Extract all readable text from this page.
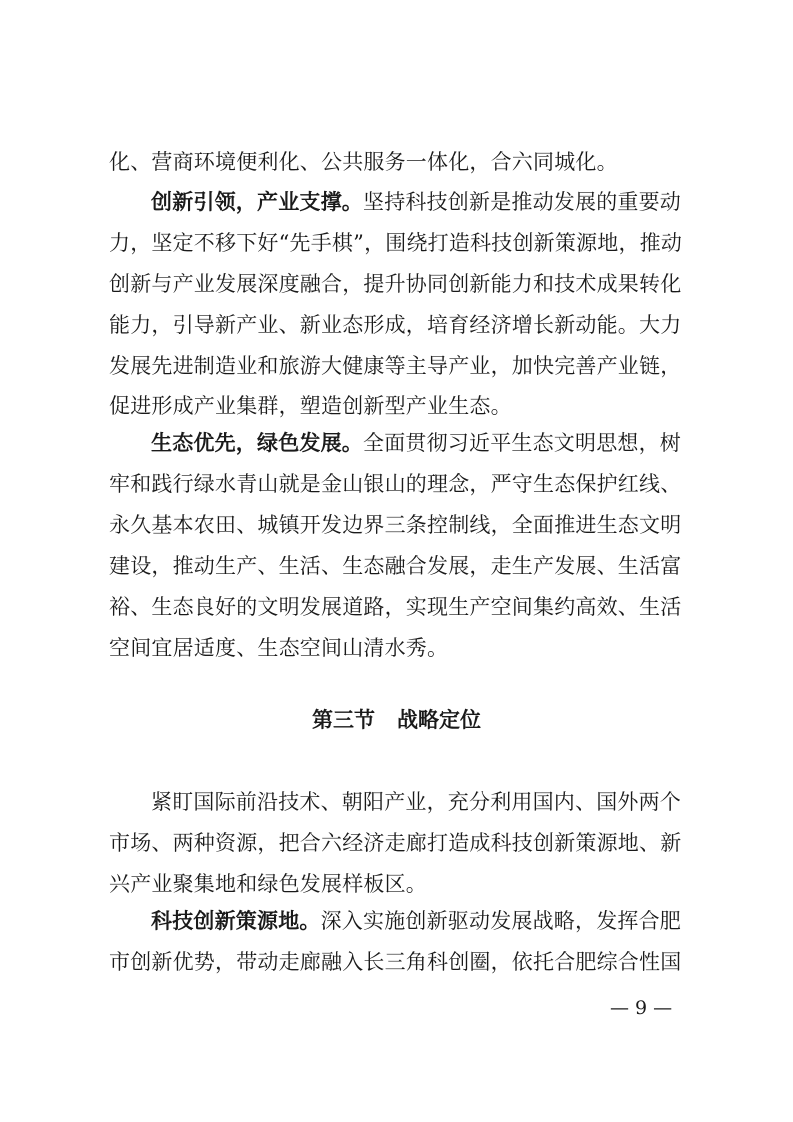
化、营商环境便利化、公共服务一体化，合六同城化。
创新引领，产业支撑。坚持科技创新是推动发展的重要动
力，坚定不移下好“先手棋”，围绕打造科技创新策源地，推动
创新与产业发展深度融合，提升协同创新能力和技术成果转化
能力，引导新产业、新业态形成，培育经济增长新动能。大力
发展先进制造业和旅游大健康等主导产业，加快完善产业链，
促进形成产业集群，塑造创新型产业生态。
生态优先，绿色发展。全面贯彻习近平生态文明思想，树
牢和践行绿水青山就是金山银山的理念，严守生态保护红线、
永久基本农田、城镇开发边界三条控制线，全面推进生态文明
建设，推动生产、生活、生态融合发展，走生产发展、生活富
裕、生态良好的文明发展道路，实现生产空间集约高效、生活
空间宜居适度、生态空间山清水秀。
第三节 战略定位
紧盯国际前沿技术、朝阳产业，充分利用国内、国外两个
市场、两种资源，把合六经济走廊打造成科技创新策源地、新
兴产业聚集地和绿色发展样板区。
科技创新策源地。深入实施创新驱动发展战略，发挥合肥
市创新优势，带动走廊融入长三角科创圈，依托合肥综合性国
— 9 —
